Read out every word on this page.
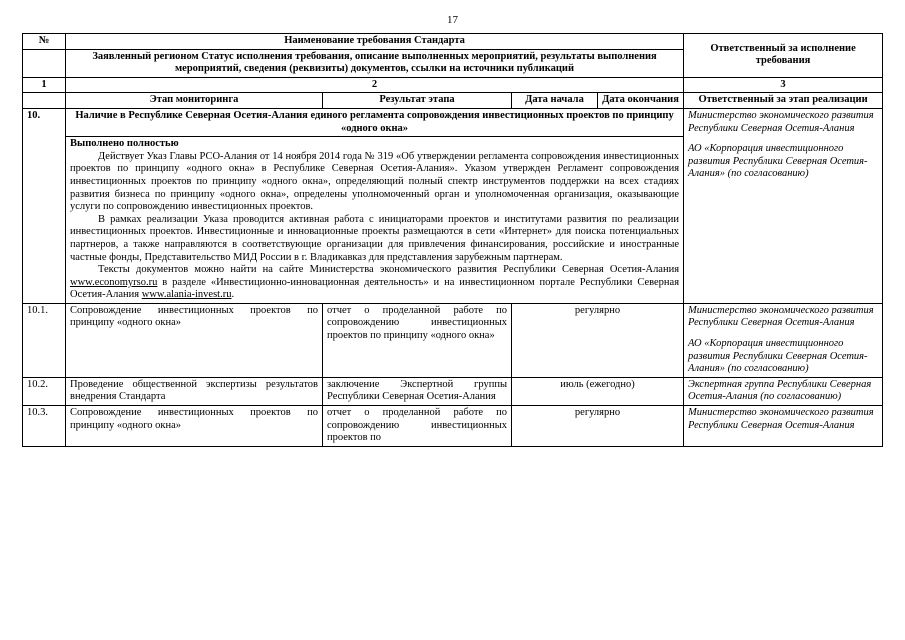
17
№	Наименование требования Стандарта				Ответственный за исполнение требования
	Заявленный регионом Статус исполнения требования, описание выполненных мероприятий, результаты выполнения мероприятий, сведения (реквизиты) документов, ссылки на источники публикаций				
1	2				3
	Этап мониторинга	Результат этапа	Дата начала	Дата окончания	Ответственный за этап реализации
10.	Наличие в Республике Северная Осетия-Алания единого регламента сопровождения инвестиционных проектов по принципу «одного окна»				Министерство экономического развития Республики Северная Осетия-Алания

АО «Корпорация инвестиционного развития Республики Северная Осетия-Алания» (по согласованию)

	Выполнено полностью

Действует Указ Главы РСО-Алания от 14 ноября 2014 года № 319 «Об утверждении регламента сопровождения инвестиционных проектов по принципу «одного окна» в Республике Северная Осетия-Алания». Указом утвержден Регламент сопровождения инвестиционных проектов по принципу «одного окна», определяющий полный спектр инструментов поддержки на всех стадиях развития бизнеса по принципу «одного окна», определены уполномоченный орган и уполномоченная организация, оказывающие услуги по сопровождению инвестиционных проектов.

В рамках реализации Указа проводится активная работа с инициаторами проектов и институтами развития по реализации инвестиционных проектов. Инвестиционные и инновационные проекты размещаются в сети «Интернет» для поиска потенциальных партнеров, а также направляются в соответствующие организации для привлечения финансирования, российские и иностранные частные фонды, Представительство МИД России в г. Владикавказ для представления зарубежным партнерам.

Тексты документов можно найти на сайте Министерства экономического развития Республики Северная Осетия-Алания www.economyrso.ru в разделе «Инвестиционно-инновационная деятельность» и на инвестиционном портале Республики Северная Осетия-Алания www.alania-invest.ru.				

10.1.	Сопровождение инвестиционных проектов по принципу «одного окна»	отчет о проделанной работе по сопровождению инвестиционных проектов по принципу «одного окна»	регулярно		Министерство экономического развития Республики Северная Осетия-Алания

АО «Корпорация инвестиционного развития Республики Северная Осетия-Алания» (по согласованию)

10.2.	Проведение общественной экспертизы результатов внедрения Стандарта	заключение Экспертной группы Республики Северная Осетия-Алания	июль (ежегодно)		Экспертная группа Республики Северная Осетия-Алания (по согласованию)
10.3.	Сопровождение инвестиционных проектов по принципу «одного окна»	отчет о проделанной работе по сопровождению инвестиционных проектов по	регулярно		Министерство экономического развития Республики Северная Осетия-Алания
